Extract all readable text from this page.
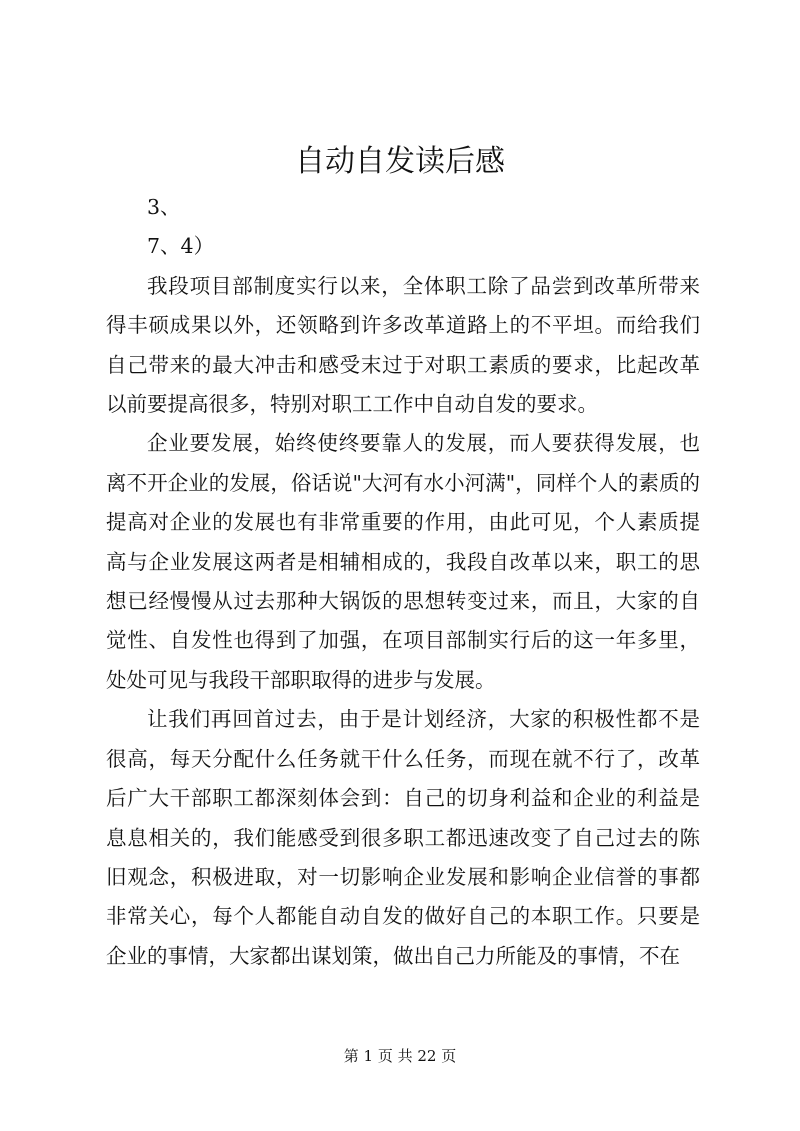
自动自发读后感

3、

7、4）

我段项目部制度实行以来，全体职工除了品尝到改革所带来得丰硕成果以外，还领略到许多改革道路上的不平坦。而给我们自己带来的最大冲击和感受末过于对职工素质的要求，比起改革以前要提高很多，特别对职工工作中自动自发的要求。

企业要发展，始终使终要靠人的发展，而人要获得发展，也离不开企业的发展，俗话说"大河有水小河满"，同样个人的素质的提高对企业的发展也有非常重要的作用，由此可见，个人素质提高与企业发展这两者是相辅相成的，我段自改革以来，职工的思想已经慢慢从过去那种大锅饭的思想转变过来，而且，大家的自觉性、自发性也得到了加强，在项目部制实行后的这一年多里，处处可见与我段干部职取得的进步与发展。

让我们再回首过去，由于是计划经济，大家的积极性都不是很高，每天分配什么任务就干什么任务，而现在就不行了，改革后广大干部职工都深刻体会到：自己的切身利益和企业的利益是息息相关的，我们能感受到很多职工都迅速改变了自己过去的陈旧观念，积极进取，对一切影响企业发展和影响企业信誉的事都非常关心，每个人都能自动自发的做好自己的本职工作。只要是企业的事情，大家都出谋划策，做出自己力所能及的事情，不在

第 1 页 共 22 页
